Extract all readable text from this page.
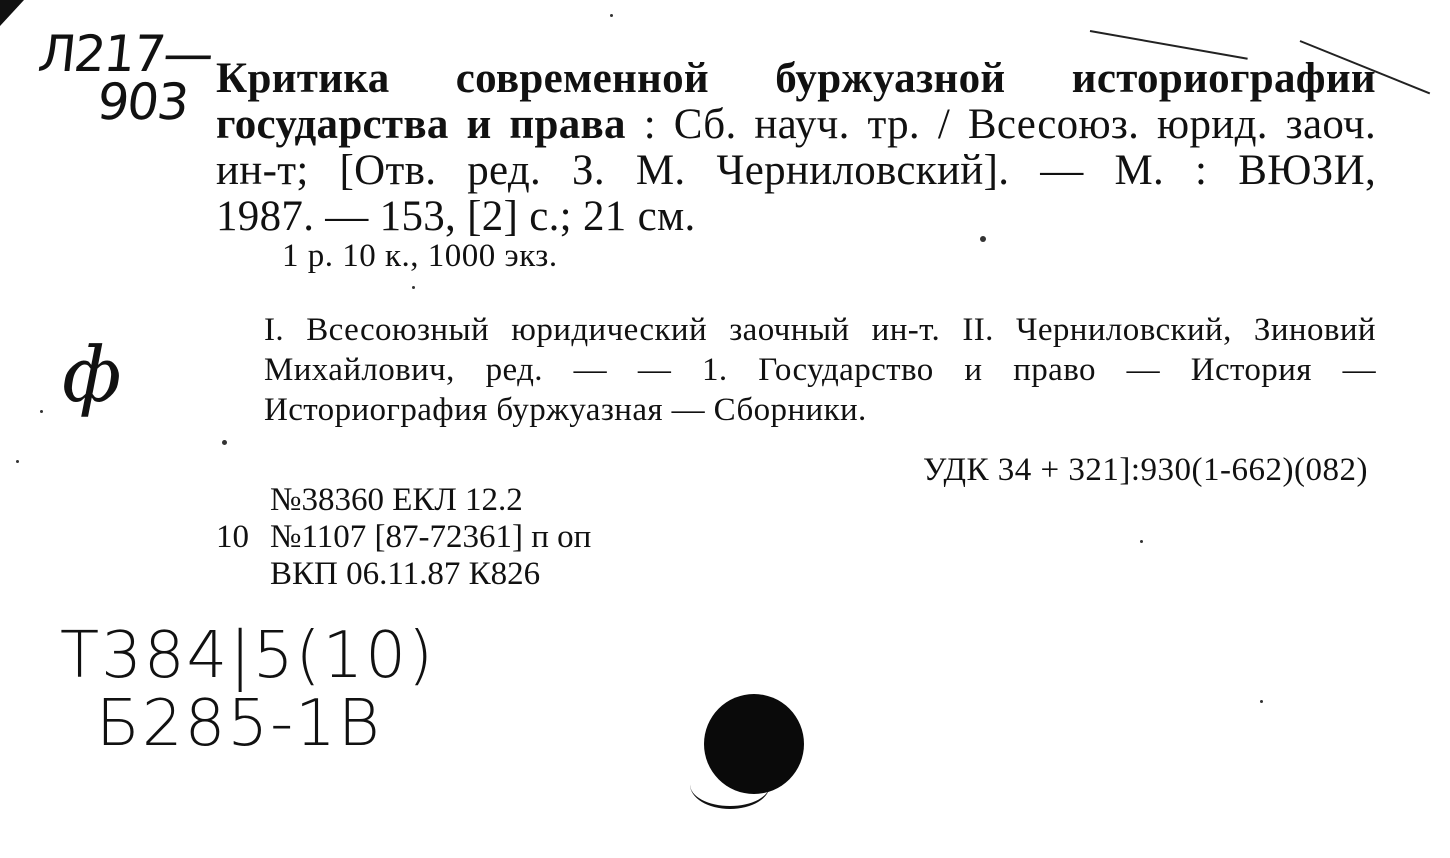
Л217—
903 Критика современной буржуазной историографии государства и права : Сб. науч. тр. / Всесоюз. юрид. заоч. ин-т; [Отв. ред. З. М. Черниловский]. — М. : ВЮЗИ,
1987. — 153, [2] с.; 21 см.
1 р. 10 к., 1000 экз.
ф	I. Всесоюзный юридический заочный ин-т. II. Черниловский, Зиновий Михайлович, ред. — — 1. Государство и право — История — Историография буржуазная — Сборники.
УДК 34 + 321]:930(1-662)(082)
№38360 ЕКЛ 12.2
10 №1107 [87-72361] п оп
ВКП 06.11.87 К826
Т384|5(10)
Б285-1В
